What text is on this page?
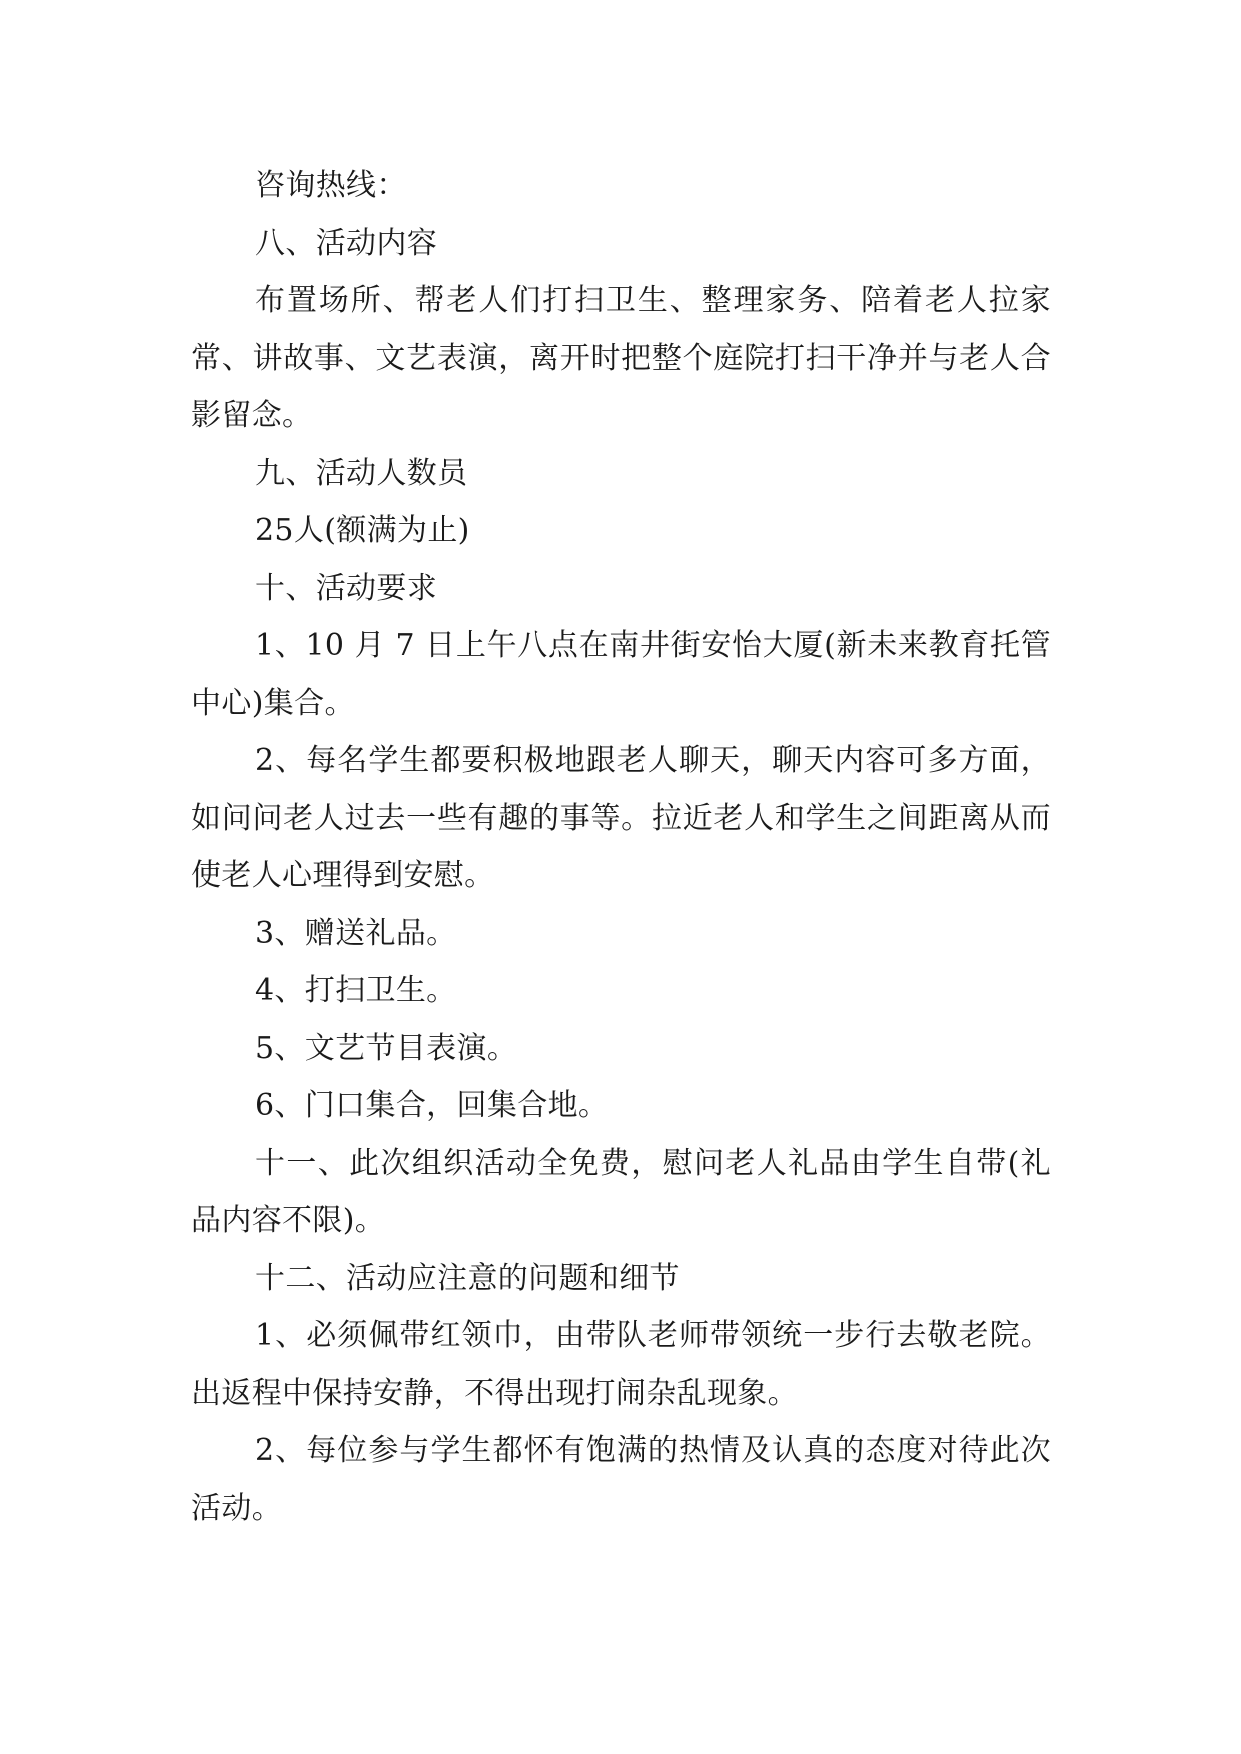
咨询热线：

八、活动内容

布置场所、帮老人们打扫卫生、整理家务、陪着老人拉家常、讲故事、文艺表演，离开时把整个庭院打扫干净并与老人合影留念。

九、活动人数员

25人(额满为止)

十、活动要求

1、10 月 7 日上午八点在南井街安怡大厦(新未来教育托管中心)集合。

2、每名学生都要积极地跟老人聊天，聊天内容可多方面，如问问老人过去一些有趣的事等。拉近老人和学生之间距离从而使老人心理得到安慰。

3、赠送礼品。

4、打扫卫生。

5、文艺节目表演。

6、门口集合，回集合地。

十一、此次组织活动全免费，慰问老人礼品由学生自带(礼品内容不限)。

十二、活动应注意的问题和细节

1、必须佩带红领巾，由带队老师带领统一步行去敬老院。出返程中保持安静，不得出现打闹杂乱现象。

2、每位参与学生都怀有饱满的热情及认真的态度对待此次活动。
